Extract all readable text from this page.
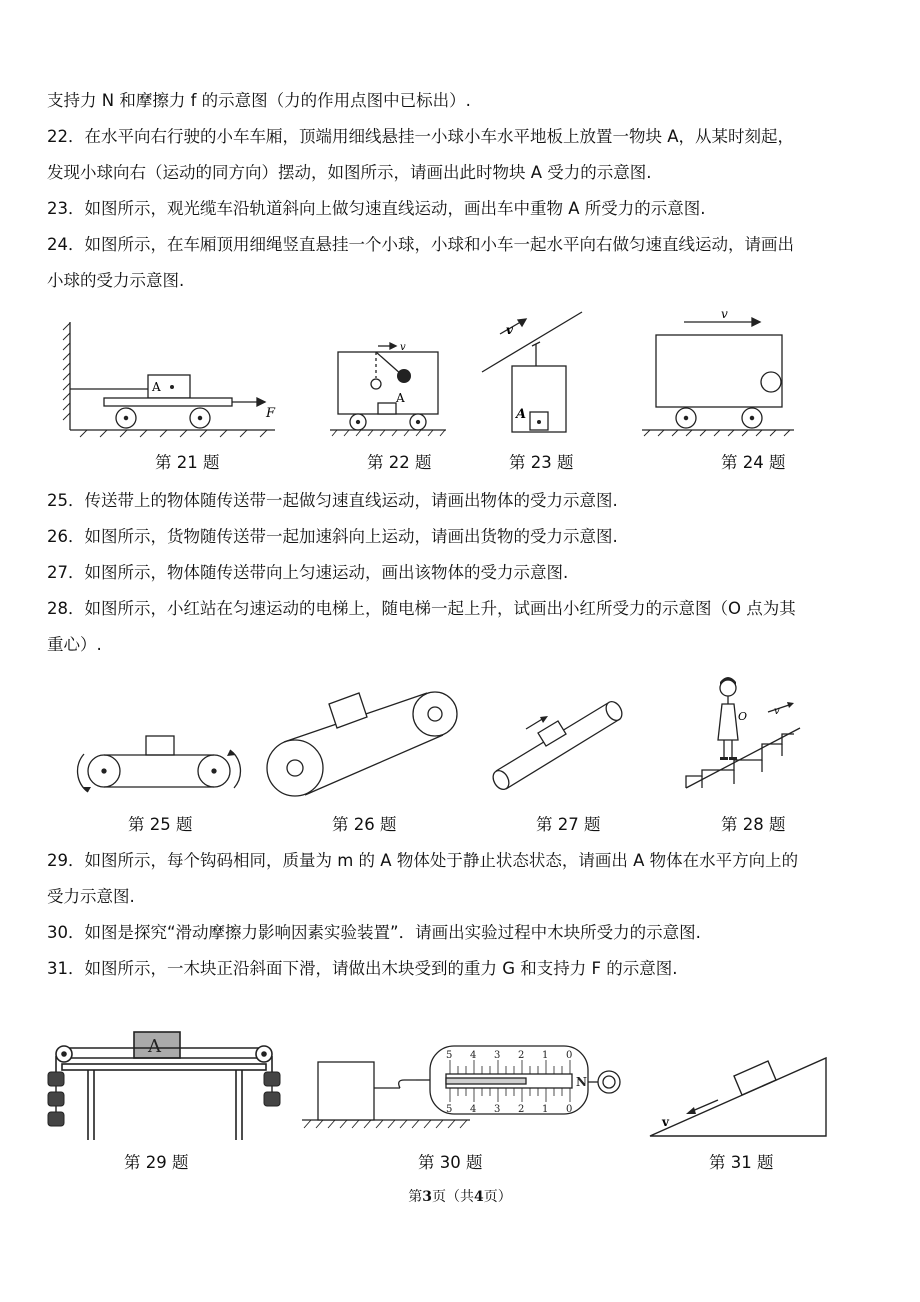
支持力 N 和摩擦力 f 的示意图（力的作用点图中已标出）.
22．在水平向右行驶的小车车厢，顶端用细线悬挂一小球小车水平地板上放置一物块 A，从某时刻起，
发现小球向右（运动的同方向）摆动，如图所示，请画出此时物块 A 受力的示意图.
23．如图所示，观光缆车沿轨道斜向上做匀速直线运动，画出车中重物 A 所受力的示意图.
24．如图所示，在车厢顶用细绳竖直悬挂一个小球，小球和小车一起水平向右做匀速直线运动，请画出
小球的受力示意图.
25．传送带上的物体随传送带一起做匀速直线运动，请画出物体的受力示意图.
26．如图所示，货物随传送带一起加速斜向上运动，请画出货物的受力示意图.
27．如图所示，物体随传送带向上匀速运动，画出该物体的受力示意图.
28．如图所示，小红站在匀速运动的电梯上，随电梯一起上升，试画出小红所受力的示意图（O 点为其
重心）.
29．如图所示，每个钩码相同，质量为 m 的 A 物体处于静止状态状态，请画出 A 物体在水平方向上的
受力示意图.
30．如图是探究“滑动摩擦力影响因素实验装置”．请画出实验过程中木块所受力的示意图.
31．如图所示，一木块正沿斜面下滑，请做出木块受到的重力 G 和支持力 F 的示意图.
第 21 题	第 22 题	第 23 题	第 24 题
第 25 题	第 26 题	第 27 题	第 28 题
第 29 题	第 30 题	第 31 题
A
F
v
A
v
A
v
O	v
A	5 4 3 2 1 0
5 4 3 2 1 0
N
v
第3页（共4页）
